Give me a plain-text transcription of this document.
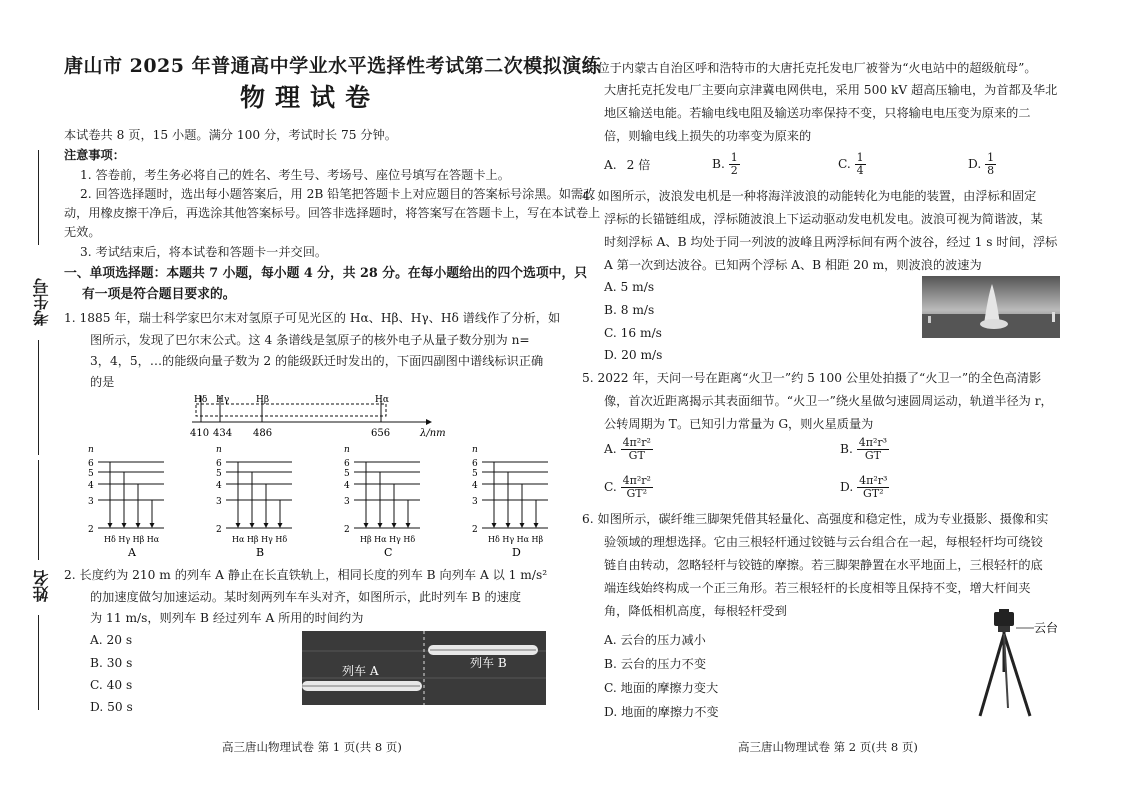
考生号
姓名
唐山市 2025 年普通高中学业水平选择性考试第二次模拟演练
物理试卷
本试卷共 8 页，15 小题。满分 100 分，考试时长 75 分钟。
注意事项：
1. 答卷前，考生务必将自己的姓名、考生号、考场号、座位号填写在答题卡上。
2. 回答选择题时，选出每小题答案后，用 2B 铅笔把答题卡上对应题目的答案标号涂黑。如需改
动，用橡皮擦干净后，再选涂其他答案标号。回答非选择题时，将答案写在答题卡上，写在本试卷上
无效。
3. 考试结束后，将本试卷和答题卡一并交回。
一、单项选择题：本题共 7 小题，每小题 4 分，共 28 分。在每小题给出的四个选项中，只
有一项是符合题目要求的。
1. 1885 年，瑞士科学家巴尔末对氢原子可见光区的 Hα、Hβ、Hγ、Hδ 谱线作了分析，如
图所示，发现了巴尔末公式。这 4 条谱线是氢原子的核外电子从量子数分别为 n=
3，4，5，…的能级向量子数为 2 的能级跃迁时发出的，下面四副图中谱线标识正确
的是
Hδ Hγ	Hβ	Hα
410 434 486	656	λ/nm
n
6
5
4
3
2
Hδ Hγ Hβ Hα
A
n
6
5
4
3
2
Hα Hβ Hγ Hδ
B
n
6
5
4
3
2
Hβ Hα Hγ Hδ
C
n
6
5
4
3
2
Hδ Hγ Hα Hβ
D
2. 长度约为 210 m 的列车 A 静止在长直铁轨上，相同长度的列车 B 向列车 A 以 1 m/s²
的加速度做匀加速运动。某时刻两列车车头对齐，如图所示，此时列车 B 的速度
为 11 m/s，则列车 B 经过列车 A 所用的时间约为
A. 20 s
B. 30 s
C. 40 s
D. 50 s
列车 A
列车 B
高三唐山物理试卷 第 1 页(共 8 页)
3. 位于内蒙古自治区呼和浩特市的大唐托克托发电厂被誉为“火电站中的超级航母”。
大唐托克托发电厂主要向京津冀电网供电，采用 500 kV 超高压输电，为首都及华北
地区输送电能。若输电线电阻及输送功率保持不变，只将输电电压变为原来的二
倍，则输电线上损失的功率变为原来的
A. 2 倍	B. $\frac{1}{2}$	C. $\frac{1}{4}$	D. $\frac{1}{8}$
4. 如图所示，波浪发电机是一种将海洋波浪的动能转化为电能的装置，由浮标和固定
浮标的长锚链组成，浮标随波浪上下运动驱动发电机发电。波浪可视为简谐波，某
时刻浮标 A、B 均处于同一列波的波峰且两浮标间有两个波谷，经过 1 s 时间，浮标
A 第一次到达波谷。已知两个浮标 A、B 相距 20 m，则波浪的波速为
A. 5 m/s
B. 8 m/s
C. 16 m/s
D. 20 m/s
5. 2022 年，天问一号在距离“火卫一”约 5 100 公里处拍摄了“火卫一”的全色高清影
像，首次近距离揭示其表面细节。“火卫一”绕火星做匀速圆周运动，轨道半径为 r，
公转周期为 T。已知引力常量为 G，则火星质量为
A. $\frac{\text{4π²r²}}{GT}$	B. $\frac{\text{4π²r³}}{GT}$
C. $\frac{\text{4π²r²}}{\text{GT²}}$	D. $\frac{\text{4π²r³}}{\text{GT²}}$
6. 如图所示，碳纤维三脚架凭借其轻量化、高强度和稳定性，成为专业摄影、摄像和实
验领域的理想选择。它由三根轻杆通过铰链与云台组合在一起，每根轻杆均可绕铰
链自由转动，忽略轻杆与铰链的摩擦。若三脚架静置在水平地面上，三根轻杆的底
端连线始终构成一个正三角形。若三根轻杆的长度相等且保持不变，增大杆间夹
角，降低相机高度，每根轻杆受到
A. 云台的压力减小
B. 云台的压力不变
C. 地面的摩擦力变大
D. 地面的摩擦力不变
云台
高三唐山物理试卷 第 2 页(共 8 页)
